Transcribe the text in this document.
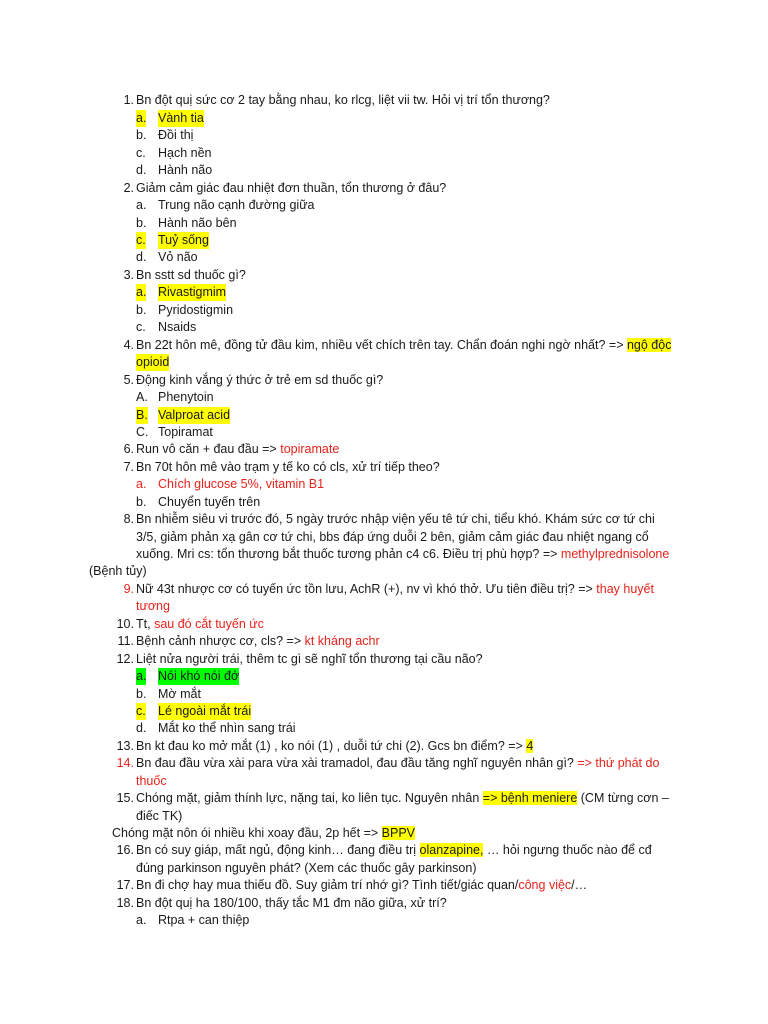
1. Bn đột quị sức cơ 2 tay bằng nhau, ko rlcg, liệt vii tw. Hỏi vị trí tổn thương?
a. Vành tia
b. Đồi thị
c. Hạch nền
d. Hành não
2. Giảm cảm giác đau nhiệt đơn thuần, tổn thương ở đâu?
a. Trung não cạnh đường giữa
b. Hành não bên
c. Tuỷ sống
d. Vỏ não
3. Bn sstt sd thuốc gì?
a. Rivastigmim
b. Pyridostigmin
c. Nsaids
4. Bn 22t hôn mê, đồng tử đầu kim, nhiều vết chích trên tay. Chẩn đoán nghi ngờ nhất? => ngộ độc
opioid
5. Động kinh vắng ý thức ở trẻ em sd thuốc gì?
A. Phenytoin
B. Valproat acid
C. Topiramat
6. Run vô căn + đau đầu => topiramate
7. Bn 70t hôn mê vào trạm y tế ko có cls, xử trí tiếp theo?
a. Chích glucose 5%, vitamin B1
b. Chuyển tuyến trên
8. Bn nhiễm siêu vi trước đó, 5 ngày trước nhập viện yếu tê tứ chi, tiểu khó. Khám sức cơ tứ chi
3/5, giảm phản xạ gân cơ tứ chi, bbs đáp ứng duỗi 2 bên, giảm cảm giác đau nhiệt ngang cổ
xuống. Mri cs: tổn thương bắt thuốc tương phản c4 c6. Điều trị phù hợp? => methylprednisolone
(Bệnh tủy)
9. Nữ 43t nhược cơ có tuyến ức tồn lưu, AchR (+), nv vì khó thở. Ưu tiên điều trị? => thay huyết
tương
10. Tt, sau đó cắt tuyến ức
11. Bệnh cảnh nhược cơ, cls? => kt kháng achr
12. Liệt nửa người trái, thêm tc gì sẽ nghĩ tổn thương tại cầu não?
a. Nói khó nói đớ
b. Mờ mắt
c. Lé ngoài mắt trái
d. Mắt ko thể nhìn sang trái
13. Bn kt đau ko mở mắt (1) , ko nói (1) , duỗi tứ chi (2). Gcs bn điểm? => 4
14. Bn đau đầu vừa xài para vừa xài tramadol, đau đầu tăng nghĩ nguyên nhân gì? => thứ phát do
thuốc
15. Chóng mặt, giảm thính lực, nặng tai, ko liên tục. Nguyên nhân => bệnh meniere (CM từng cơn –
điếc TK)
Chóng mặt nôn ói nhiều khi xoay đầu, 2p hết => BPPV
16. Bn có suy giáp, mất ngủ, động kinh… đang điều trị olanzapine, … hỏi ngưng thuốc nào để cđ
đúng parkinson nguyên phát? (Xem các thuốc gây parkinson)
17. Bn đi chợ hay mua thiếu đồ. Suy giảm trí nhớ gì? Tình tiết/giác quan/công việc/…
18. Bn đột quị ha 180/100, thấy tắc M1 đm não giữa, xử trí?
a. Rtpa + can thiệp
